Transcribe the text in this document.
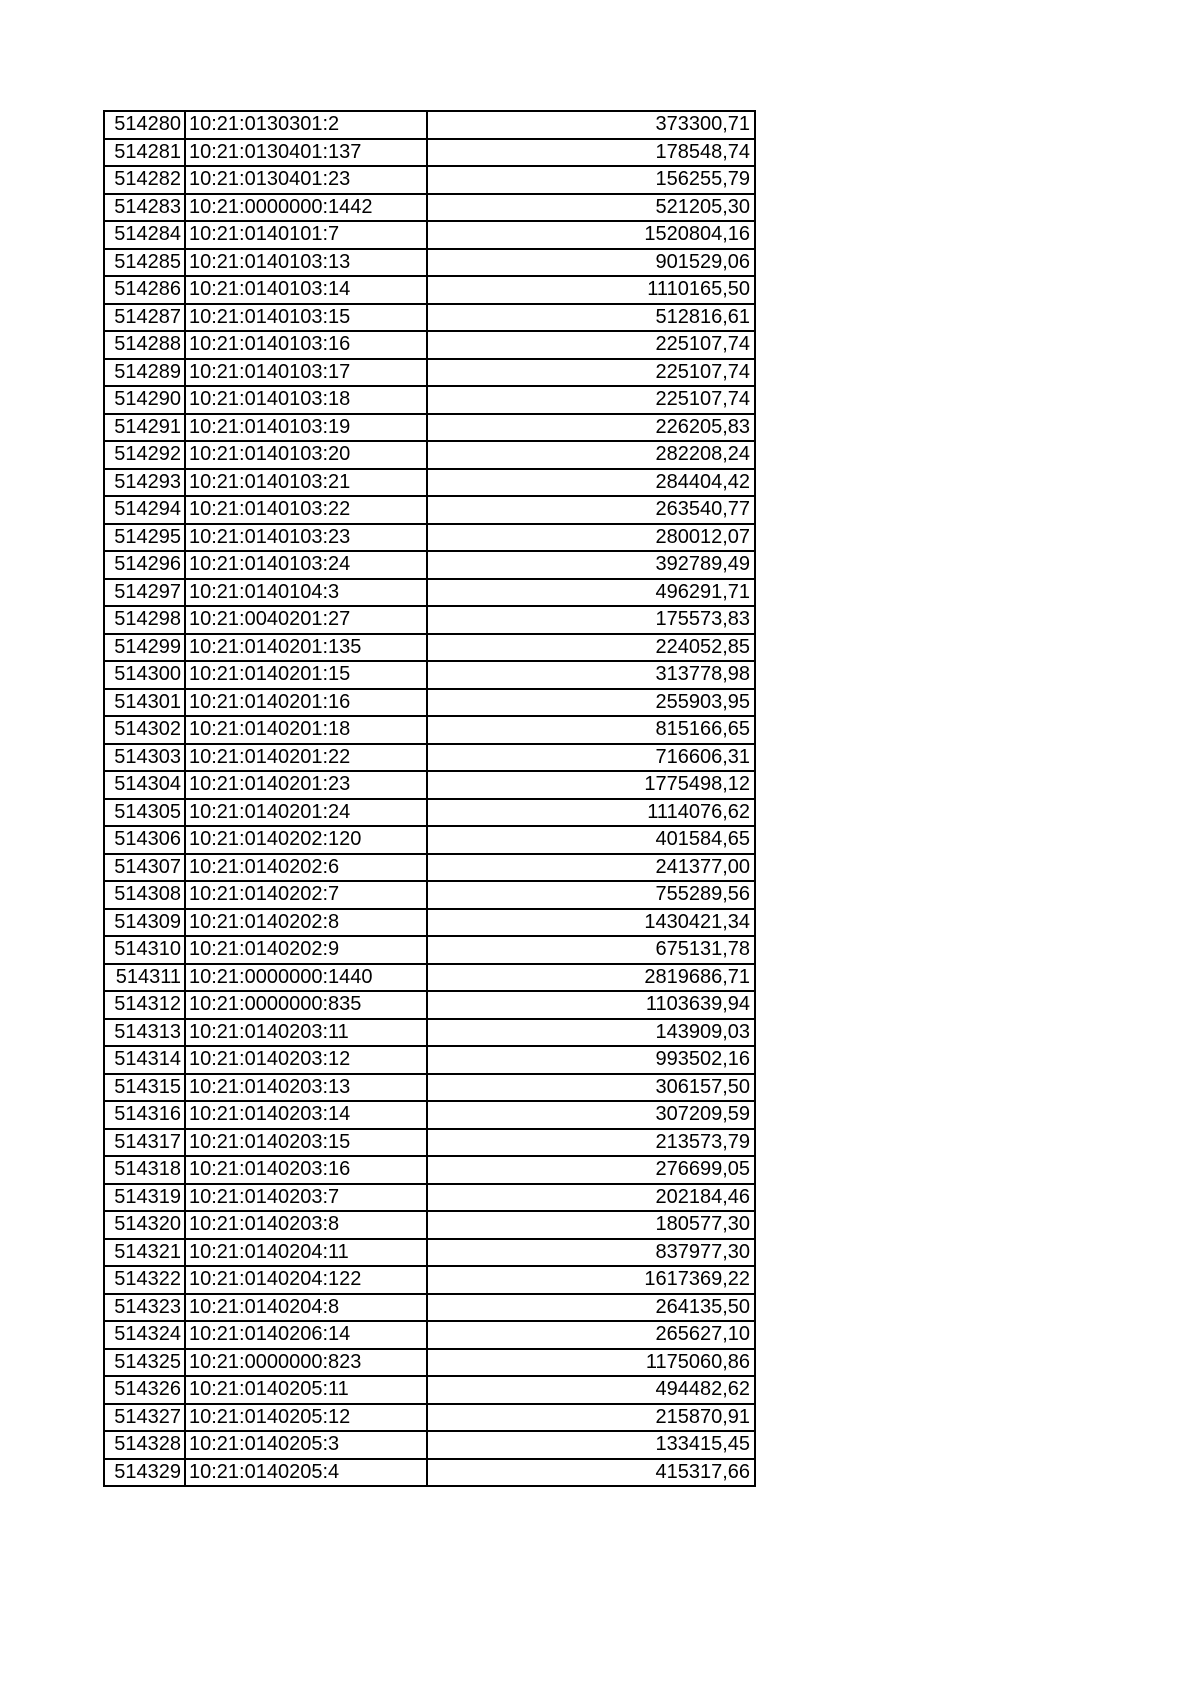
514280	10:21:0130301:2	373300,71
514281	10:21:0130401:137	178548,74
514282	10:21:0130401:23	156255,79
514283	10:21:0000000:1442	521205,30
514284	10:21:0140101:7	1520804,16
514285	10:21:0140103:13	901529,06
514286	10:21:0140103:14	1110165,50
514287	10:21:0140103:15	512816,61
514288	10:21:0140103:16	225107,74
514289	10:21:0140103:17	225107,74
514290	10:21:0140103:18	225107,74
514291	10:21:0140103:19	226205,83
514292	10:21:0140103:20	282208,24
514293	10:21:0140103:21	284404,42
514294	10:21:0140103:22	263540,77
514295	10:21:0140103:23	280012,07
514296	10:21:0140103:24	392789,49
514297	10:21:0140104:3	496291,71
514298	10:21:0040201:27	175573,83
514299	10:21:0140201:135	224052,85
514300	10:21:0140201:15	313778,98
514301	10:21:0140201:16	255903,95
514302	10:21:0140201:18	815166,65
514303	10:21:0140201:22	716606,31
514304	10:21:0140201:23	1775498,12
514305	10:21:0140201:24	1114076,62
514306	10:21:0140202:120	401584,65
514307	10:21:0140202:6	241377,00
514308	10:21:0140202:7	755289,56
514309	10:21:0140202:8	1430421,34
514310	10:21:0140202:9	675131,78
514311	10:21:0000000:1440	2819686,71
514312	10:21:0000000:835	1103639,94
514313	10:21:0140203:11	143909,03
514314	10:21:0140203:12	993502,16
514315	10:21:0140203:13	306157,50
514316	10:21:0140203:14	307209,59
514317	10:21:0140203:15	213573,79
514318	10:21:0140203:16	276699,05
514319	10:21:0140203:7	202184,46
514320	10:21:0140203:8	180577,30
514321	10:21:0140204:11	837977,30
514322	10:21:0140204:122	1617369,22
514323	10:21:0140204:8	264135,50
514324	10:21:0140206:14	265627,10
514325	10:21:0000000:823	1175060,86
514326	10:21:0140205:11	494482,62
514327	10:21:0140205:12	215870,91
514328	10:21:0140205:3	133415,45
514329	10:21:0140205:4	415317,66
